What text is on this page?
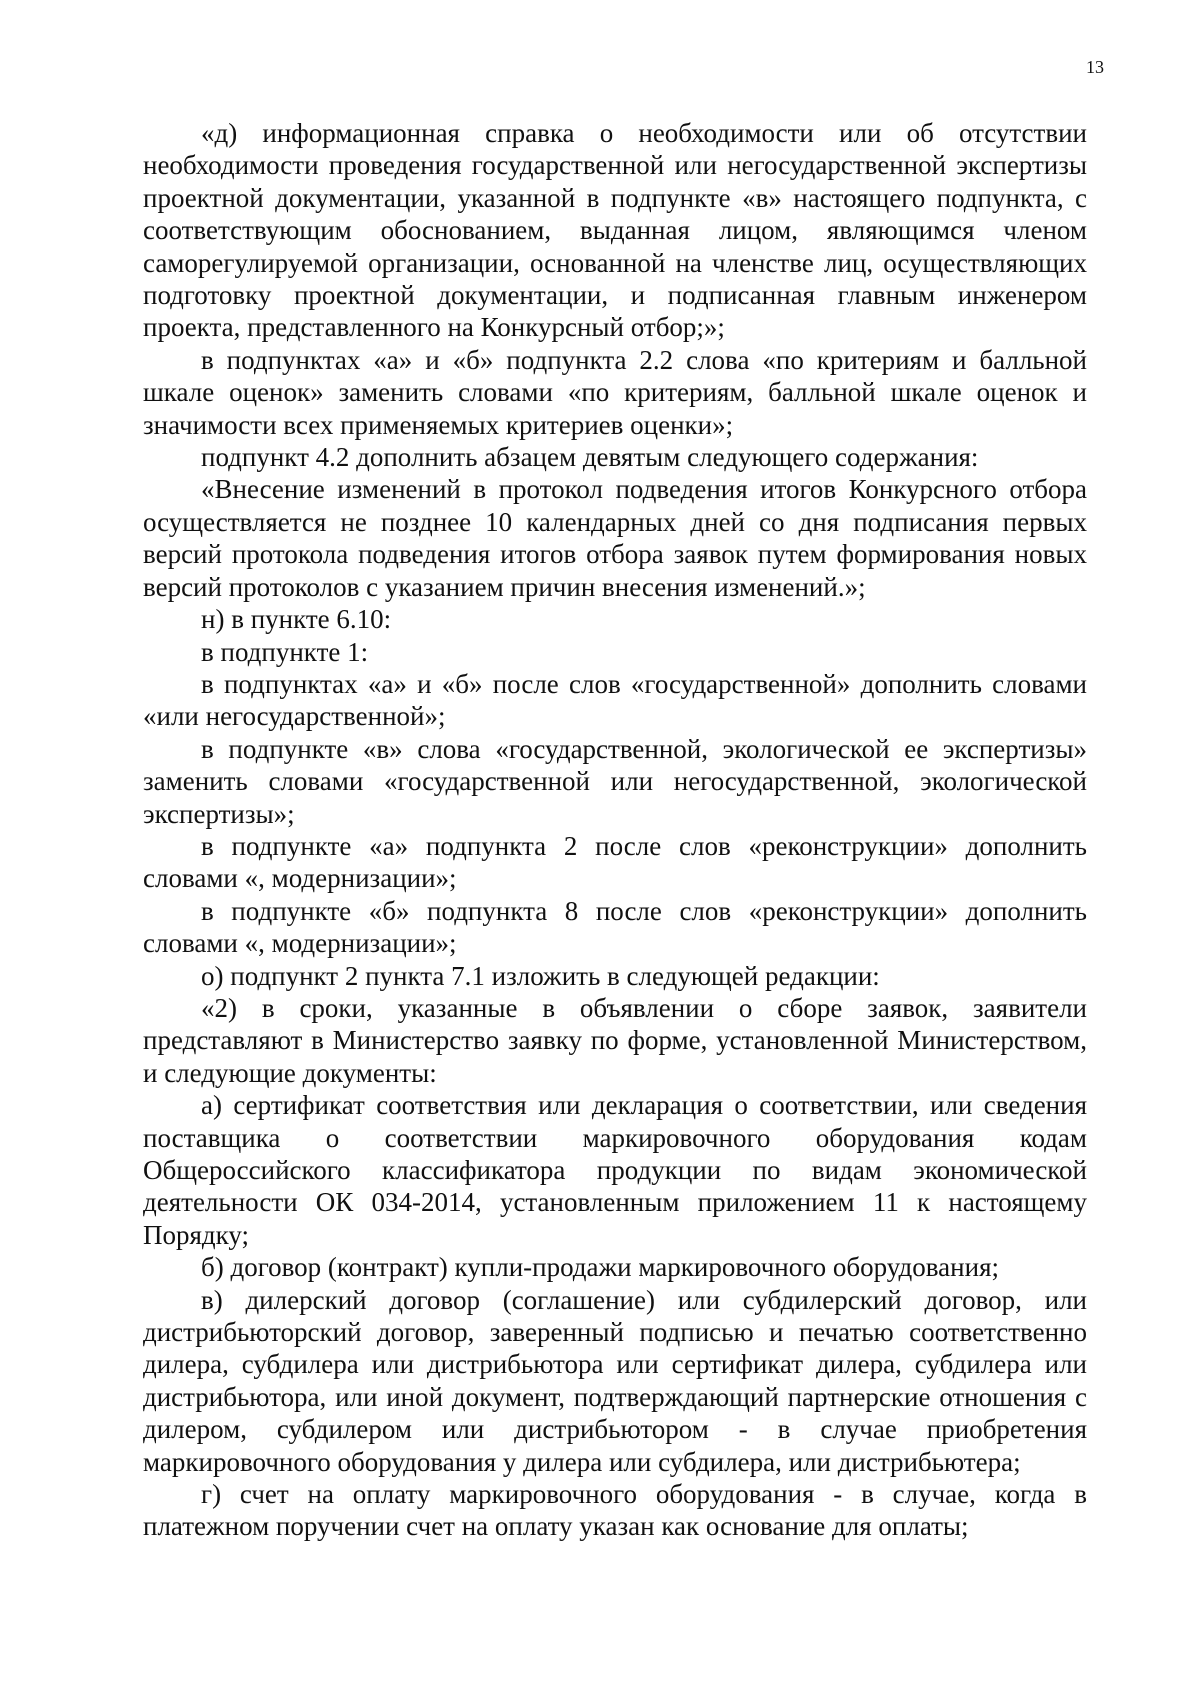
13

«д) информационная справка о необходимости или об отсутствии необходимости проведения государственной или негосударственной экспертизы проектной документации, указанной в подпункте «в» настоящего подпункта, с соответствующим обоснованием, выданная лицом, являющимся членом саморегулируемой организации, основанной на членстве лиц, осуществляющих подготовку проектной документации, и подписанная главным инженером проекта, представленного на Конкурсный отбор;»;

в подпунктах «а» и «б» подпункта 2.2 слова «по критериям и балльной шкале оценок» заменить словами «по критериям, балльной шкале оценок и значимости всех применяемых критериев оценки»;

подпункт 4.2 дополнить абзацем девятым следующего содержания:

«Внесение изменений в протокол подведения итогов Конкурсного отбора осуществляется не позднее 10 календарных дней со дня подписания первых версий протокола подведения итогов отбора заявок путем формирования новых версий протоколов с указанием причин внесения изменений.»;

н) в пункте 6.10:

в подпункте 1:

в подпунктах «а» и «б» после слов «государственной» дополнить словами «или негосударственной»;

в подпункте «в» слова «государственной, экологической ее экспертизы» заменить словами «государственной или негосударственной, экологической экспертизы»;

в подпункте «а» подпункта 2 после слов «реконструкции» дополнить словами «, модернизации»;

в подпункте «б» подпункта 8 после слов «реконструкции» дополнить словами «, модернизации»;

о) подпункт 2 пункта 7.1 изложить в следующей редакции:

«2) в сроки, указанные в объявлении о сборе заявок, заявители представляют в Министерство заявку по форме, установленной Министерством, и следующие документы:

а) сертификат соответствия или декларация о соответствии, или сведения поставщика о соответствии маркировочного оборудования кодам Общероссийского классификатора продукции по видам экономической деятельности ОК 034-2014, установленным приложением 11 к настоящему Порядку;

б) договор (контракт) купли-продажи маркировочного оборудования;

в) дилерский договор (соглашение) или субдилерский договор, или дистрибьюторский договор, заверенный подписью и печатью соответственно дилера, субдилера или дистрибьютора или сертификат дилера, субдилера или дистрибьютора, или иной документ, подтверждающий партнерские отношения с дилером, субдилером или дистрибьютором - в случае приобретения маркировочного оборудования у дилера или субдилера, или дистрибьютера;

г) счет на оплату маркировочного оборудования - в случае, когда в платежном поручении счет на оплату указан как основание для оплаты;
